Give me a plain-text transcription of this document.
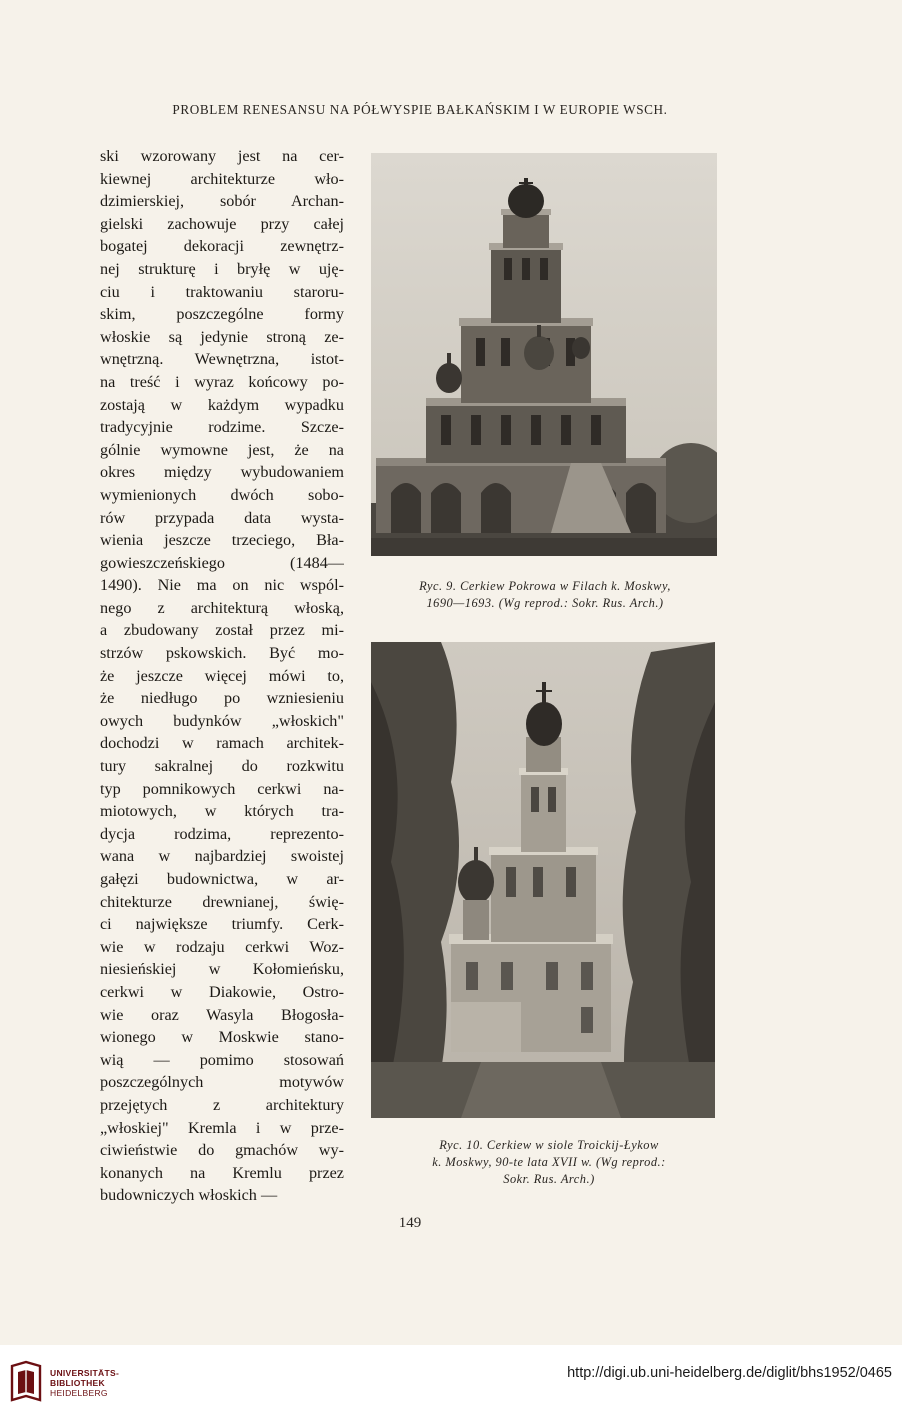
PROBLEM RENESANSU NA PÓŁWYSPIE BAŁKAŃSKIM I W EUROPIE WSCH.
ski wzorowany jest na cer-
kiewnej architekturze wło-
dzimierskiej, sobór Archan-
gielski zachowuje przy całej
bogatej dekoracji zewnętrz-
nej strukturę i bryłę w uję-
ciu i traktowaniu staroru-
skim, poszczególne formy
włoskie są jedynie stroną ze-
wnętrzną. Wewnętrzna, istot-
na treść i wyraz końcowy po-
zostają w każdym wypadku
tradycyjnie rodzime. Szcze-
gólnie wymowne jest, że na
okres między wybudowaniem
wymienionych dwóch sobo-
rów przypada data wysta-
wienia jeszcze trzeciego, Bła-
gowieszczeńskiego (1484—
1490). Nie ma on nic wspól-
nego z architekturą włoską,
a zbudowany został przez mi-
strzów pskowskich. Być mo-
że jeszcze więcej mówi to,
że niedługo po wzniesieniu
owych budynków „włoskich"
dochodzi w ramach architek-
tury sakralnej do rozkwitu
typ pomnikowych cerkwi na-
miotowych, w których tra-
dycja rodzima, reprezento-
wana w najbardziej swoistej
gałęzi budownictwa, w ar-
chitekturze drewnianej, świę-
ci największe triumfy. Cerk-
wie w rodzaju cerkwi Woz-
niesieńskiej w Kołomieńsku,
cerkwi w Diakowie, Ostro-
wie oraz Wasyla Błogosła-
wionego w Moskwie stano-
wią — pomimo stosowań
poszczególnych motywów
przejętych z architektury
„włoskiej" Kremla i w prze-
ciwieństwie do gmachów wy-
konanych na Kremlu przez
budowniczych włoskich —
Ryc. 9. Cerkiew Pokrowa w Filach k. Moskwy,
1690—1693. (Wg reprod.: Sokr. Rus. Arch.)
Ryc. 10. Cerkiew w siole Troickij-Łykow
k. Moskwy, 90-te lata XVII w. (Wg reprod.:
Sokr. Rus. Arch.)
149
UNIVERSITÄTS-
BIBLIOTHEK
HEIDELBERG
http://digi.ub.uni-heidelberg.de/diglit/bhs1952/0465
